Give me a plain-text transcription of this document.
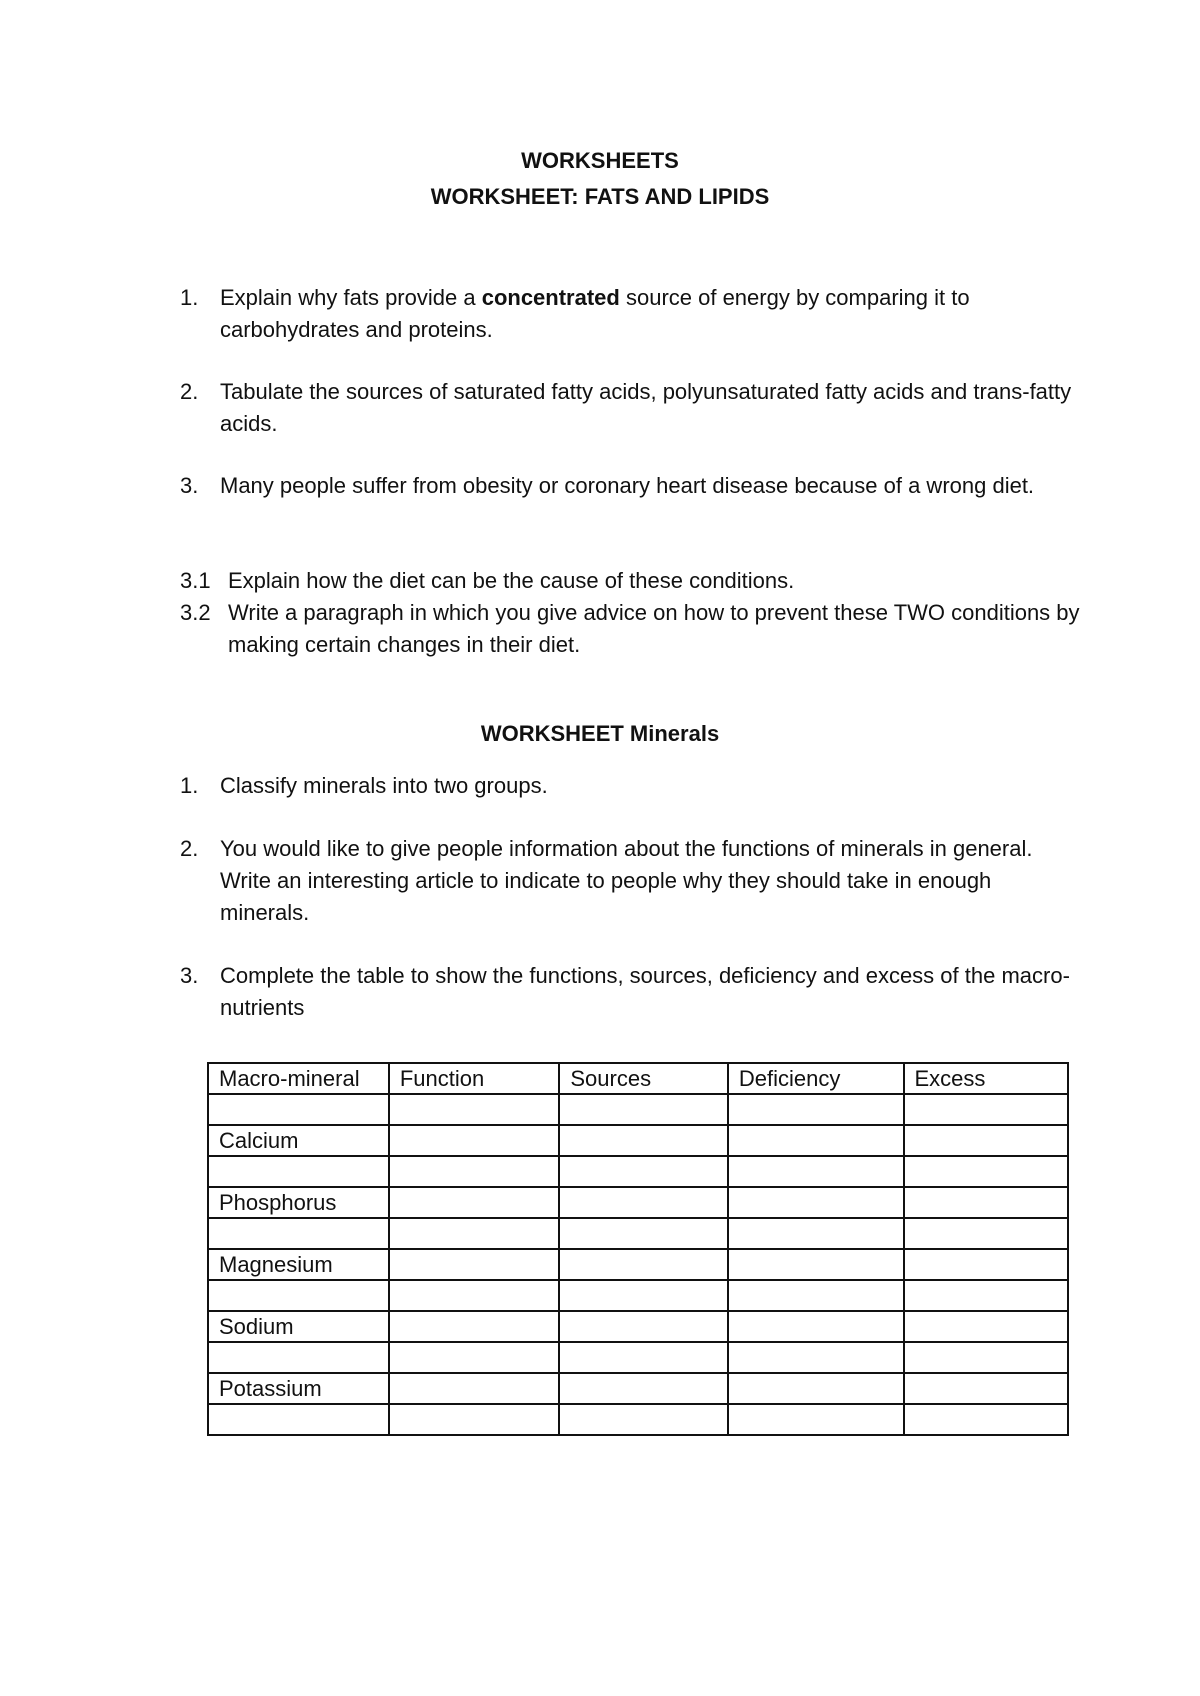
WORKSHEETS
WORKSHEET: FATS AND LIPIDS
1. Explain why fats provide a concentrated source of energy by comparing it to carbohydrates and proteins.
2. Tabulate the sources of saturated fatty acids, polyunsaturated fatty acids and trans-fatty acids.
3. Many people suffer from obesity or coronary heart disease because of a wrong diet.
3.1 Explain how the diet can be the cause of these conditions.
3.2 Write a paragraph in which you give advice on how to prevent these TWO conditions by making certain changes in their diet.
WORKSHEET Minerals
1. Classify minerals into two groups.
2. You would like to give people information about the functions of minerals in general. Write an interesting article to indicate to people why they should take in enough minerals.
3. Complete the table to show the functions, sources, deficiency and excess of the macro-nutrients
Macro-mineral	Function	Sources	Deficiency	Excess

Calcium				

Phosphorus				

Magnesium				

Sodium				

Potassium				
